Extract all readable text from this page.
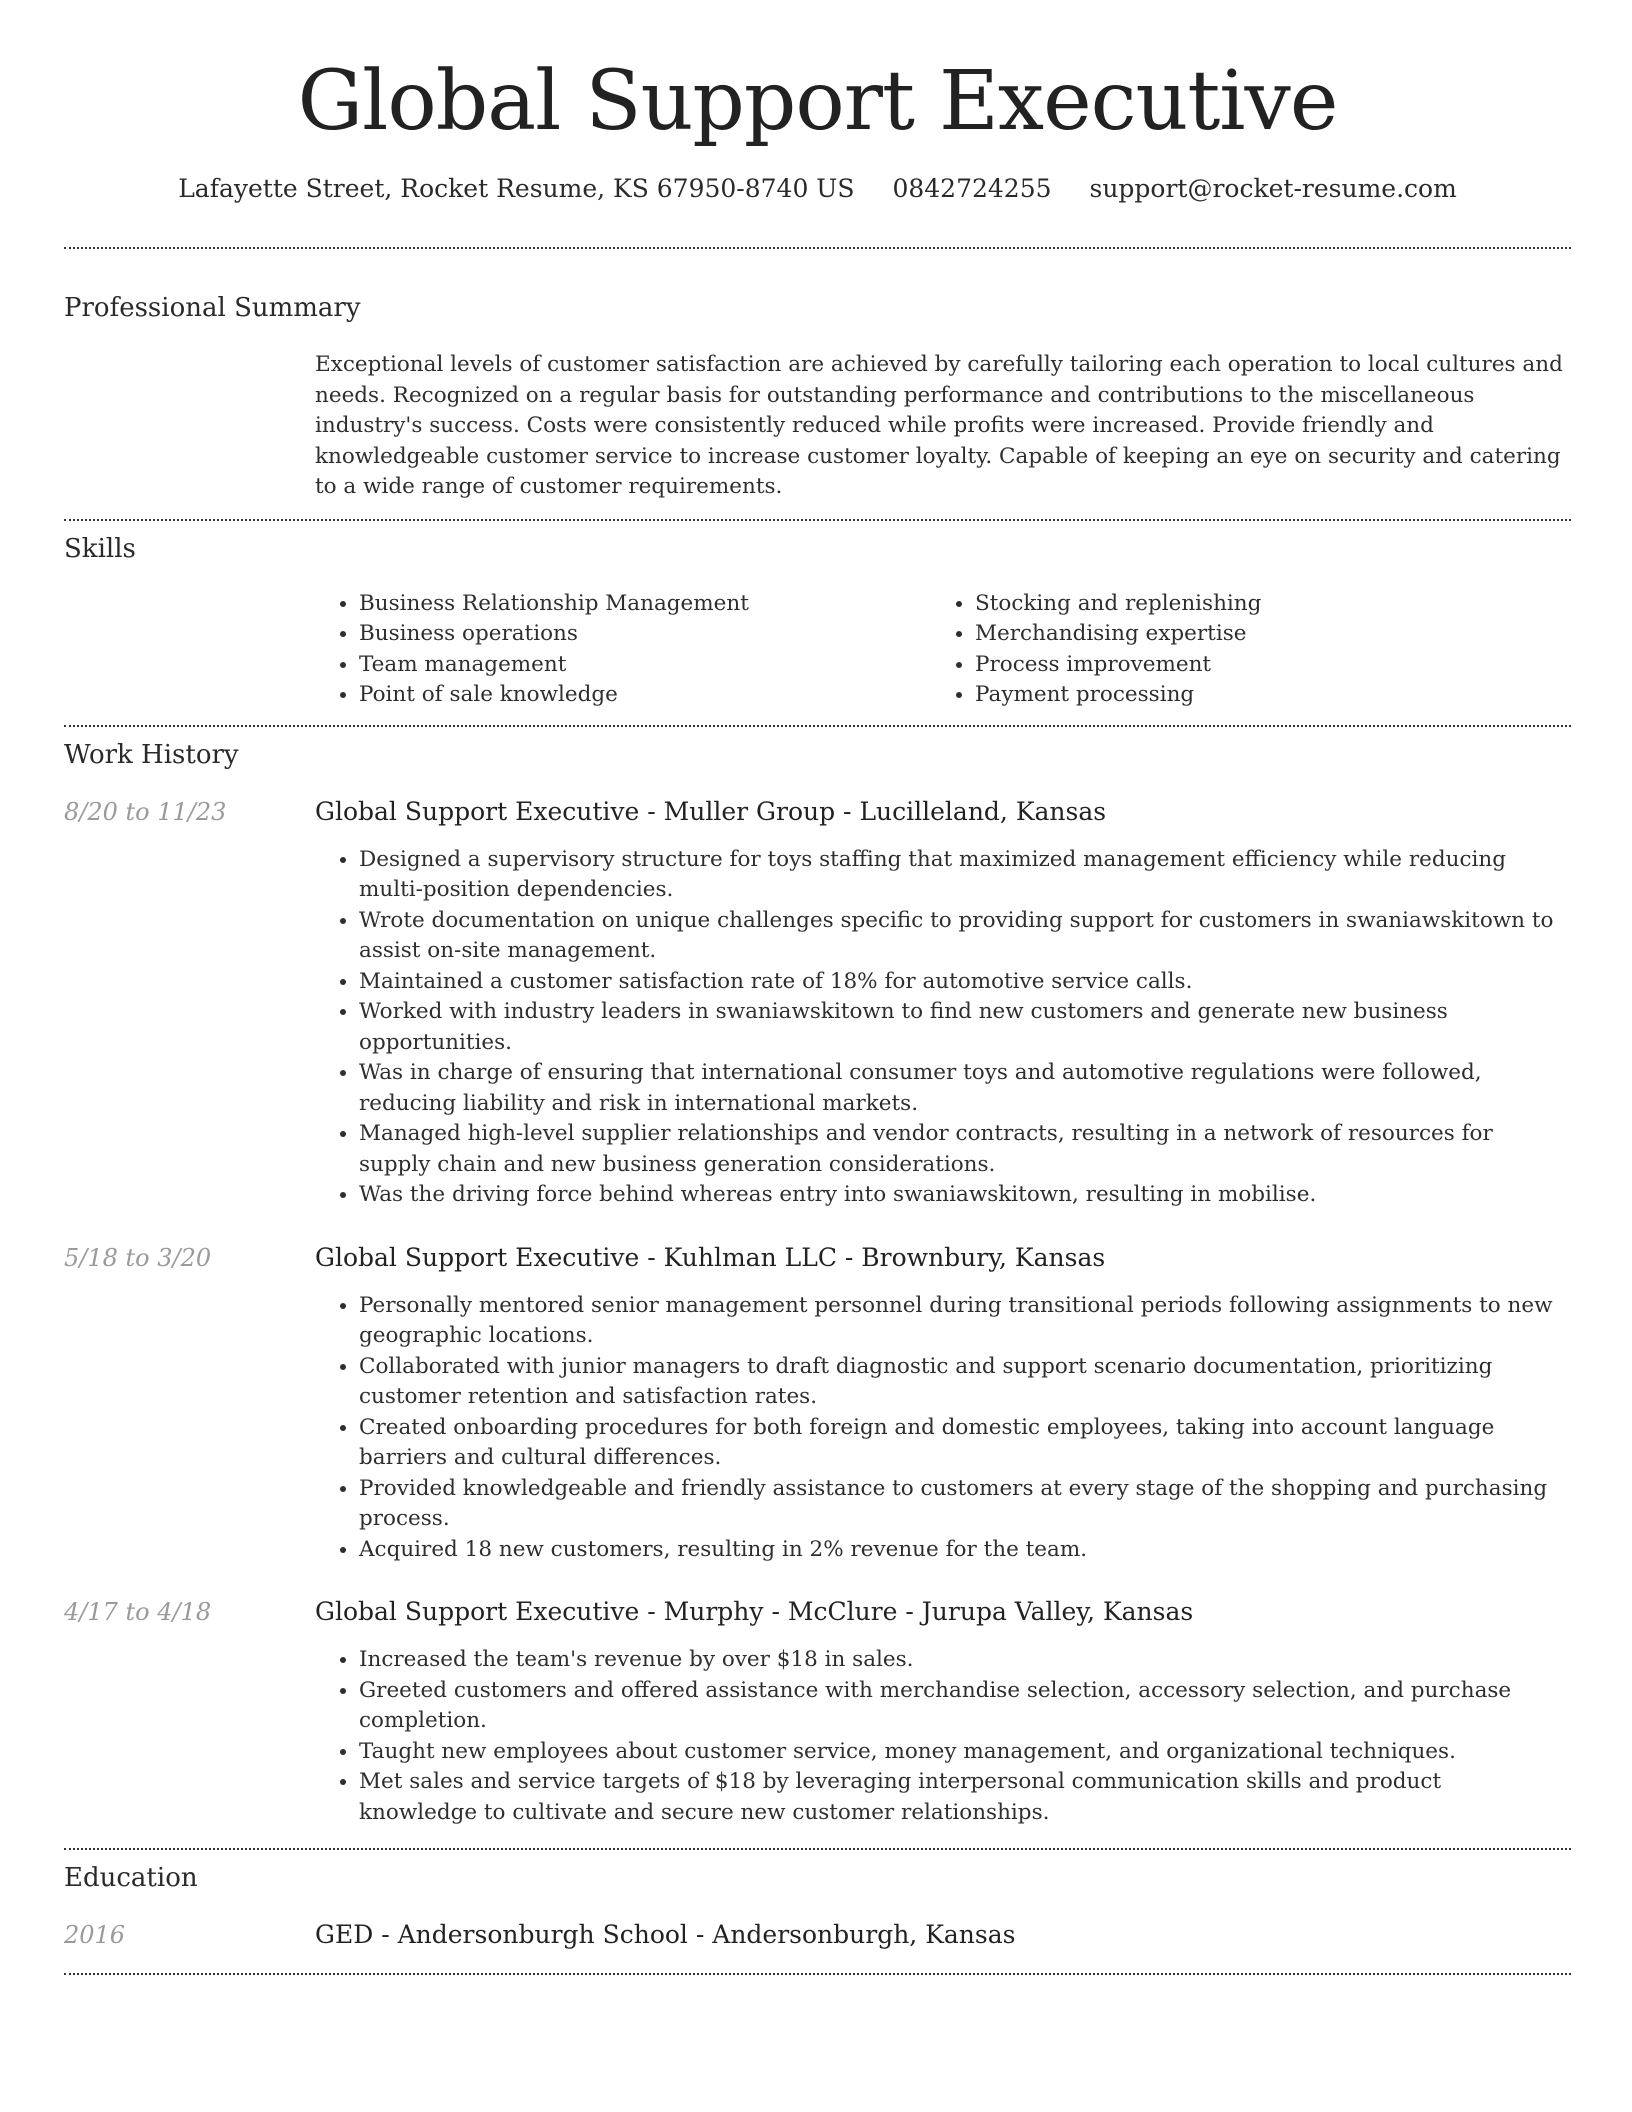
Global Support Executive
Lafayette Street, Rocket Resume, KS 67950-8740 US 0842724255 support@rocket-resume.com
Professional Summary
Exceptional levels of customer satisfaction are achieved by carefully tailoring each operation to local cultures and needs. Recognized on a regular basis for outstanding performance and contributions to the miscellaneous industry's success. Costs were consistently reduced while profits were increased. Provide friendly and knowledgeable customer service to increase customer loyalty. Capable of keeping an eye on security and catering to a wide range of customer requirements.
Skills
• Business Relationship Management
• Business operations
• Team management
• Point of sale knowledge
• Stocking and replenishing
• Merchandising expertise
• Process improvement
• Payment processing
Work History
8/20 to 11/23	Global Support Executive - Muller Group - Lucilleland, Kansas
• Designed a supervisory structure for toys staffing that maximized management efficiency while reducing multi-position dependencies.
• Wrote documentation on unique challenges specific to providing support for customers in swaniawskitown to assist on-site management.
• Maintained a customer satisfaction rate of 18% for automotive service calls.
• Worked with industry leaders in swaniawskitown to find new customers and generate new business opportunities.
• Was in charge of ensuring that international consumer toys and automotive regulations were followed, reducing liability and risk in international markets.
• Managed high-level supplier relationships and vendor contracts, resulting in a network of resources for supply chain and new business generation considerations.
• Was the driving force behind whereas entry into swaniawskitown, resulting in mobilise.
5/18 to 3/20	Global Support Executive - Kuhlman LLC - Brownbury, Kansas
• Personally mentored senior management personnel during transitional periods following assignments to new geographic locations.
• Collaborated with junior managers to draft diagnostic and support scenario documentation, prioritizing customer retention and satisfaction rates.
• Created onboarding procedures for both foreign and domestic employees, taking into account language barriers and cultural differences.
• Provided knowledgeable and friendly assistance to customers at every stage of the shopping and purchasing process.
• Acquired 18 new customers, resulting in 2% revenue for the team.
4/17 to 4/18	Global Support Executive - Murphy - McClure - Jurupa Valley, Kansas
• Increased the team's revenue by over $18 in sales.
• Greeted customers and offered assistance with merchandise selection, accessory selection, and purchase completion.
• Taught new employees about customer service, money management, and organizational techniques.
• Met sales and service targets of $18 by leveraging interpersonal communication skills and product knowledge to cultivate and secure new customer relationships.
Education
2016	GED - Andersonburgh School - Andersonburgh, Kansas
